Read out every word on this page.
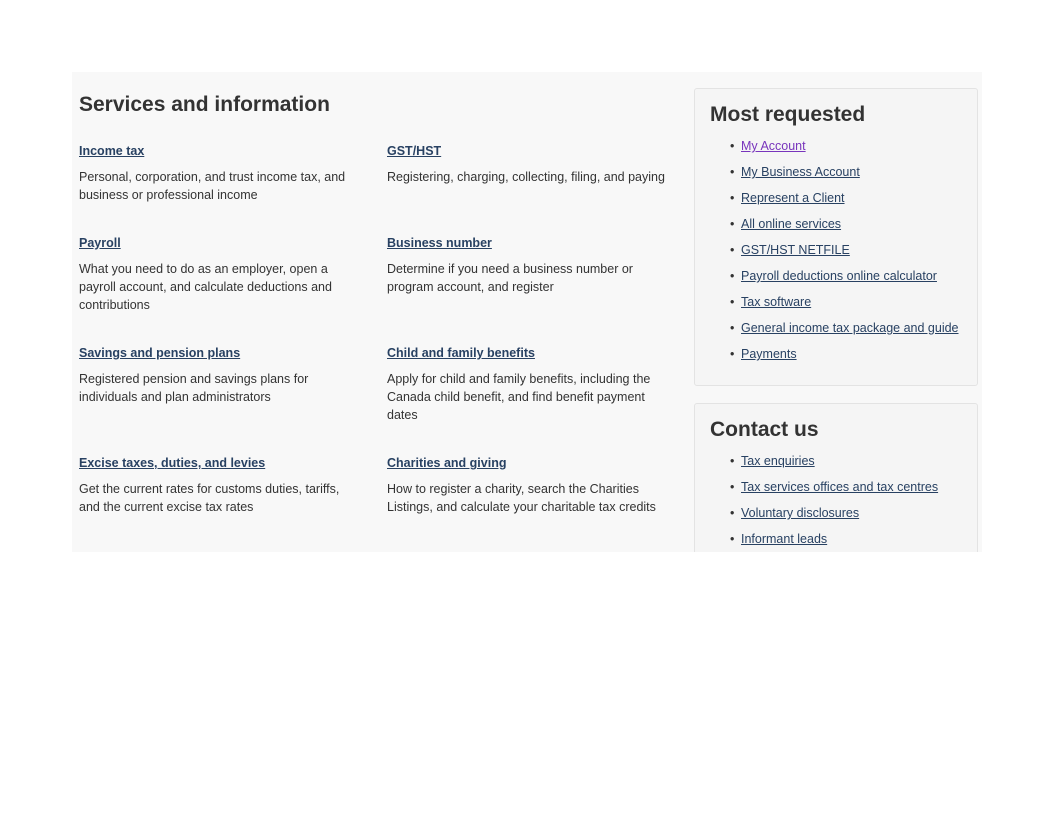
Services and information
Income tax

Personal, corporation, and trust income tax, and business or professional income

GST/HST

Registering, charging, collecting, filing, and paying

Payroll

What you need to do as an employer, open a payroll account, and calculate deductions and contributions

Business number

Determine if you need a business number or program account, and register

Savings and pension plans

Registered pension and savings plans for individuals and plan administrators

Child and family benefits

Apply for child and family benefits, including the Canada child benefit, and find benefit payment dates

Excise taxes, duties, and levies

Get the current rates for customs duties, tariffs, and the current excise tax rates

Charities and giving

How to register a charity, search the Charities Listings, and calculate your charitable tax credits

Most requested
• My Account
• My Business Account
• Represent a Client
• All online services
• GST/HST NETFILE
• Payroll deductions online calculator
• Tax software
• General income tax package and guide
• Payments
Contact us
• Tax enquiries
• Tax services offices and tax centres
• Voluntary disclosures
• Informant leads
